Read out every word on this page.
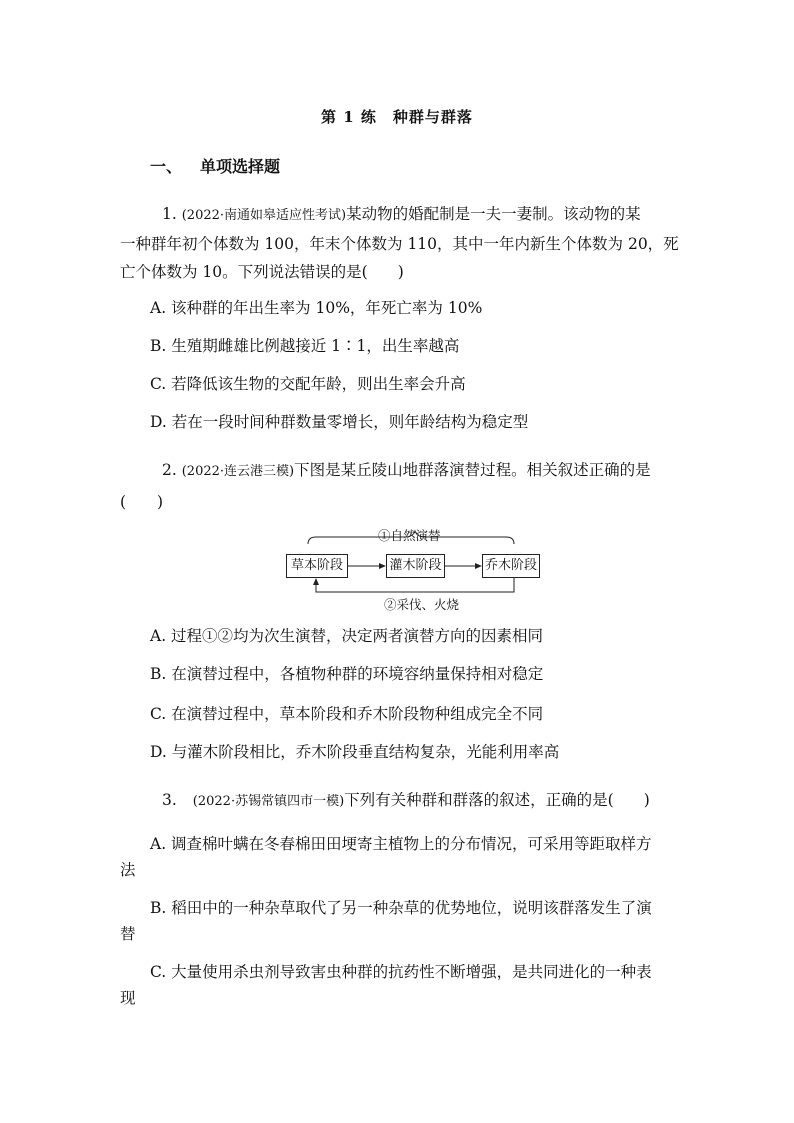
第 1 练　种群与群落
一、 单项选择题
1. (2022·南通如皋适应性考试)某动物的婚配制是一夫一妻制。该动物的某
一种群年初个体数为 100，年末个体数为 110，其中一年内新生个体数为 20，死
亡个体数为 10。下列说法错误的是( )
A. 该种群的年出生率为 10%，年死亡率为 10%
B. 生殖期雌雄比例越接近 1∶1，出生率越高
C. 若降低该生物的交配年龄，则出生率会升高
D. 若在一段时间种群数量零增长，则年龄结构为稳定型
2. (2022·连云港三模)下图是某丘陵山地群落演替过程。相关叙述正确的是
(　　)
①自然演替
草本阶段	灌木阶段	乔木阶段
②采伐、火烧
A. 过程①②均为次生演替，决定两者演替方向的因素相同
B. 在演替过程中，各植物种群的环境容纳量保持相对稳定
C. 在演替过程中，草本阶段和乔木阶段物种组成完全不同
D. 与灌木阶段相比，乔木阶段垂直结构复杂，光能利用率高
3. (2022·苏锡常镇四市一模)下列有关种群和群落的叙述，正确的是( )
A. 调查棉叶螨在冬春棉田田埂寄主植物上的分布情况，可采用等距取样方
法
B. 稻田中的一种杂草取代了另一种杂草的优势地位，说明该群落发生了演
替
C. 大量使用杀虫剂导致害虫种群的抗药性不断增强，是共同进化的一种表
现
